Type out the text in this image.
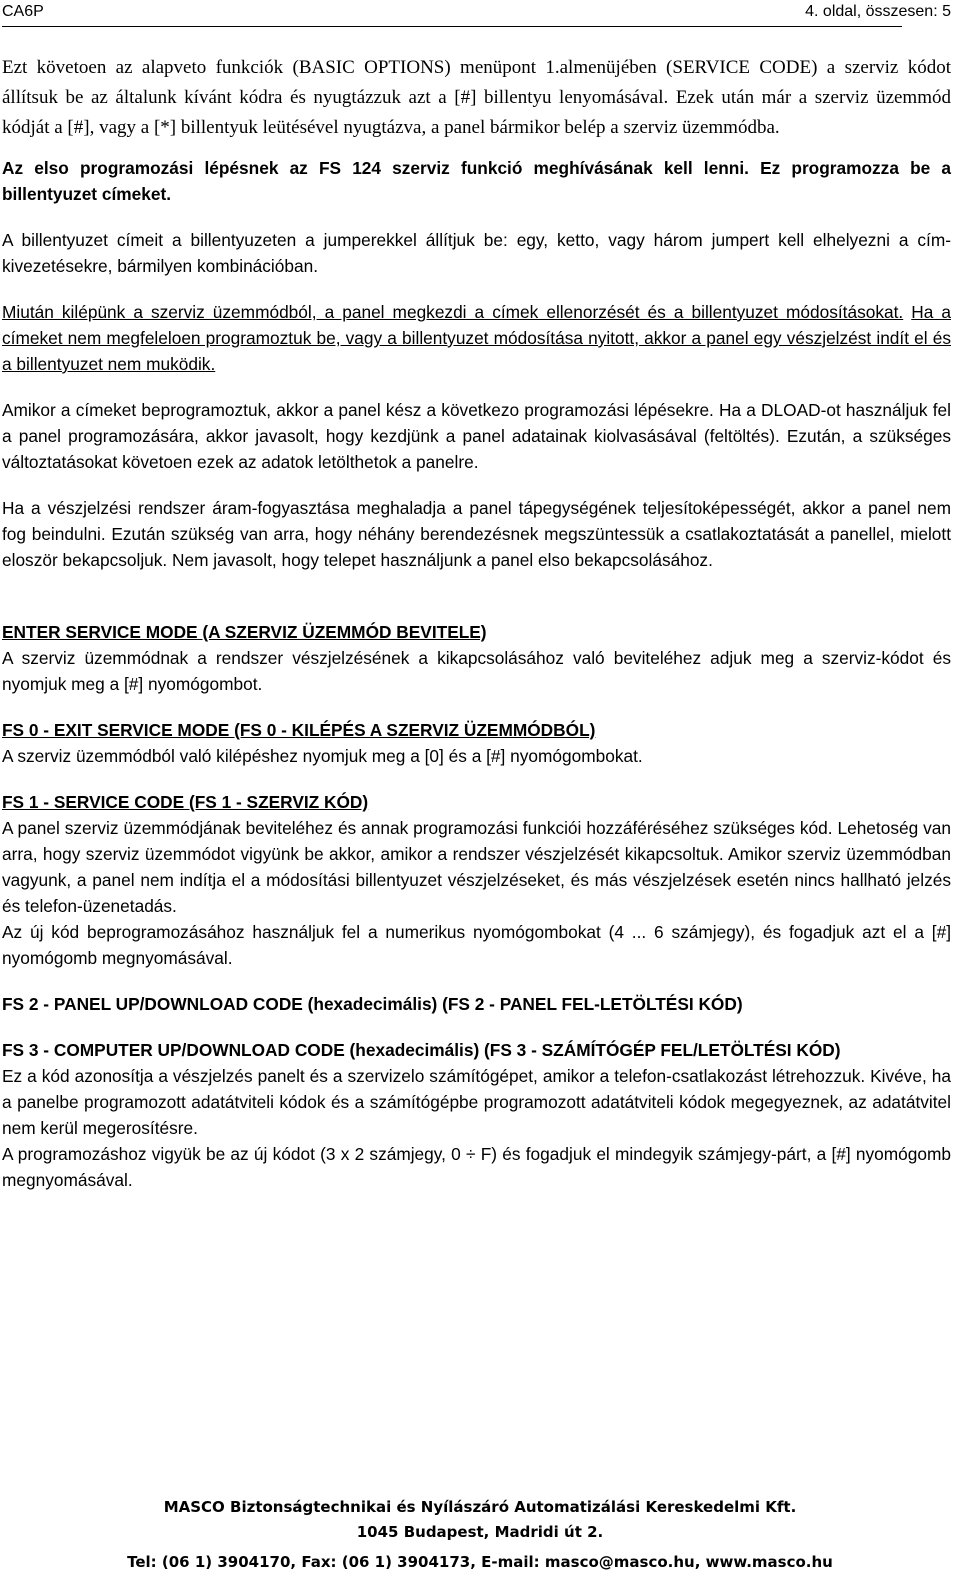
CA6P	4. oldal, összesen: 5

Ezt követoen az alapveto funkciók (BASIC OPTIONS) menüpont 1.almenüjében (SERVICE CODE) a szerviz kódot állítsuk be az általunk kívánt kódra és nyugtázzuk azt a [#] billentyu lenyomásával. Ezek után már a szerviz üzemmód kódját a [#], vagy a [*] billentyuk leütésével nyugtázva, a panel bármikor belép a szerviz üzemmódba.

Az elso programozási lépésnek az FS 124 szerviz funkció meghívásának kell lenni. Ez programozza be a billentyuzet címeket.

A billentyuzet címeit a billentyuzeten a jumperekkel állítjuk be: egy, ketto, vagy három jumpert kell elhelyezni a cím-kivezetésekre, bármilyen kombinációban.

Miután kilépünk a szerviz üzemmódból, a panel megkezdi a címek ellenorzését és a billentyuzet módosításokat. Ha a címeket nem megfeleloen programoztuk be, vagy a billentyuzet módosítása nyitott, akkor a panel egy vészjelzést indít el és a billentyuzet nem muködik.

Amikor a címeket beprogramoztuk, akkor a panel kész a következo programozási lépésekre. Ha a DLOAD-ot használjuk fel a panel programozására, akkor javasolt, hogy kezdjünk a panel adatainak kiolvasásával (feltöltés). Ezután, a szükséges változtatásokat követoen ezek az adatok letölthetok a panelre.

Ha a vészjelzési rendszer áram-fogyasztása meghaladja a panel tápegységének teljesítoképességét, akkor a panel nem fog beindulni. Ezután szükség van arra, hogy néhány berendezésnek megszüntessük a csatlakoztatását a panellel, mielott eloször bekapcsoljuk. Nem javasolt, hogy telepet használjunk a panel elso bekapcsolásához.

ENTER SERVICE MODE (A SZERVIZ ÜZEMMÓD BEVITELE)

A szerviz üzemmódnak a rendszer vészjelzésének a kikapcsolásához való beviteléhez adjuk meg a szerviz-kódot és nyomjuk meg a [#] nyomógombot.

FS 0 - EXIT SERVICE MODE (FS 0 - KILÉPÉS A SZERVIZ ÜZEMMÓDBÓL)

A szerviz üzemmódból való kilépéshez nyomjuk meg a [0] és a [#] nyomógombokat.

FS 1 - SERVICE CODE (FS 1 - SZERVIZ KÓD)

A panel szerviz üzemmódjának beviteléhez és annak programozási funkciói hozzáféréséhez szükséges kód. Lehetoség van arra, hogy szerviz üzemmódot vigyünk be akkor, amikor a rendszer vészjelzését kikapcsoltuk. Amikor szerviz üzemmódban vagyunk, a panel nem indítja el a módosítási billentyuzet vészjelzéseket, és más vészjelzések esetén nincs hallható jelzés és telefon-üzenetadás.

Az új kód beprogramozásához használjuk fel a numerikus nyomógombokat (4 ... 6 számjegy), és fogadjuk azt el a [#] nyomógomb megnyomásával.

FS 2 - PANEL UP/DOWNLOAD CODE (hexadecimális) (FS 2 - PANEL FEL-LETÖLTÉSI KÓD)
FS 3 - COMPUTER UP/DOWNLOAD CODE (hexadecimális) (FS 3 - SZÁMÍTÓGÉP FEL/LETÖLTÉSI KÓD)

Ez a kód azonosítja a vészjelzés panelt és a szervizelo számítógépet, amikor a telefon-csatlakozást létrehozzuk. Kivéve, ha a panelbe programozott adatátviteli kódok és a számítógépbe programozott adatátviteli kódok megegyeznek, az adatátvitel nem kerül megerosítésre.

A programozáshoz vigyük be az új kódot (3 x 2 számjegy, 0 ÷ F) és fogadjuk el mindegyik számjegy-párt, a [#] nyomógomb megnyomásával.

MASCO Biztonságtechnikai és Nyílászáró Automatizálási Kereskedelmi Kft.
1045 Budapest, Madridi út 2.
Tel: (06 1) 3904170, Fax: (06 1) 3904173, E-mail: masco@masco.hu, www.masco.hu
